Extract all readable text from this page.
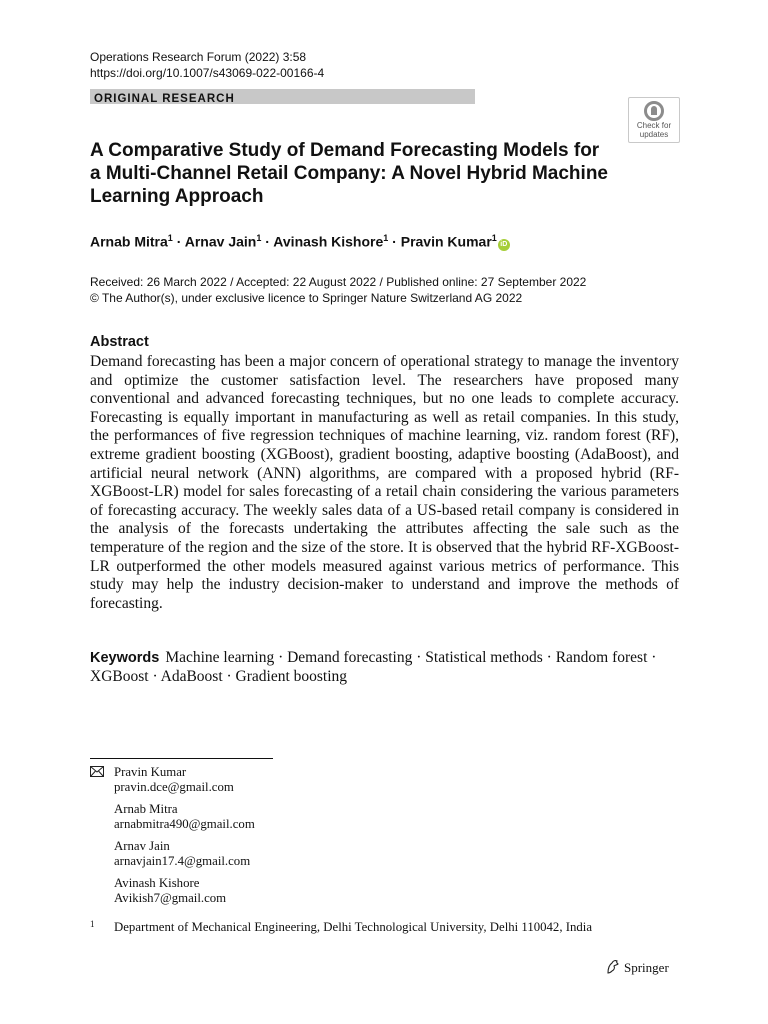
Operations Research Forum (2022) 3:58
https://doi.org/10.1007/s43069-022-00166-4
ORIGINAL RESEARCH
Check for
updates
A Comparative Study of Demand Forecasting Models for a Multi-Channel Retail Company: A Novel Hybrid Machine Learning Approach
Arnab Mitra$^1$ · Arnav Jain$^1$ · Avinash Kishore$^1$ · Pravin Kumar$^1$iD
Received: 26 March 2022 / Accepted: 22 August 2022 / Published online: 27 September 2022
© The Author(s), under exclusive licence to Springer Nature Switzerland AG 2022
Abstract
Demand forecasting has been a major concern of operational strategy to manage the inventory and optimize the customer satisfaction level. The researchers have proposed many conventional and advanced forecasting techniques, but no one leads to complete accuracy. Forecasting is equally important in manufacturing as well as retail companies. In this study, the performances of five regression techniques of machine learning, viz. random forest (RF), extreme gradient boosting (XGBoost), gradient boosting, adaptive boosting (AdaBoost), and artificial neural network (ANN) algorithms, are compared with a proposed hybrid (RF-XGBoost-LR) model for sales forecasting of a retail chain considering the various parameters of forecasting accuracy. The weekly sales data of a US-based retail company is considered in the analysis of the forecasts undertaking the attributes affecting the sale such as the temperature of the region and the size of the store. It is observed that the hybrid RF-XGBoost-LR outperformed the other models measured against various metrics of performance. This study may help the industry decision-maker to understand and improve the methods of forecasting.
Keywords Machine learning · Demand forecasting · Statistical methods · Random forest · XGBoost · AdaBoost · Gradient boosting
Pravin Kumar
pravin.dce@gmail.com
Arnab Mitra
arnabmitra490@gmail.com
Arnav Jain
arnavjain17.4@gmail.com
Avinash Kishore
Avikish7@gmail.com
1 Department of Mechanical Engineering, Delhi Technological University, Delhi 110042, India
Springer
